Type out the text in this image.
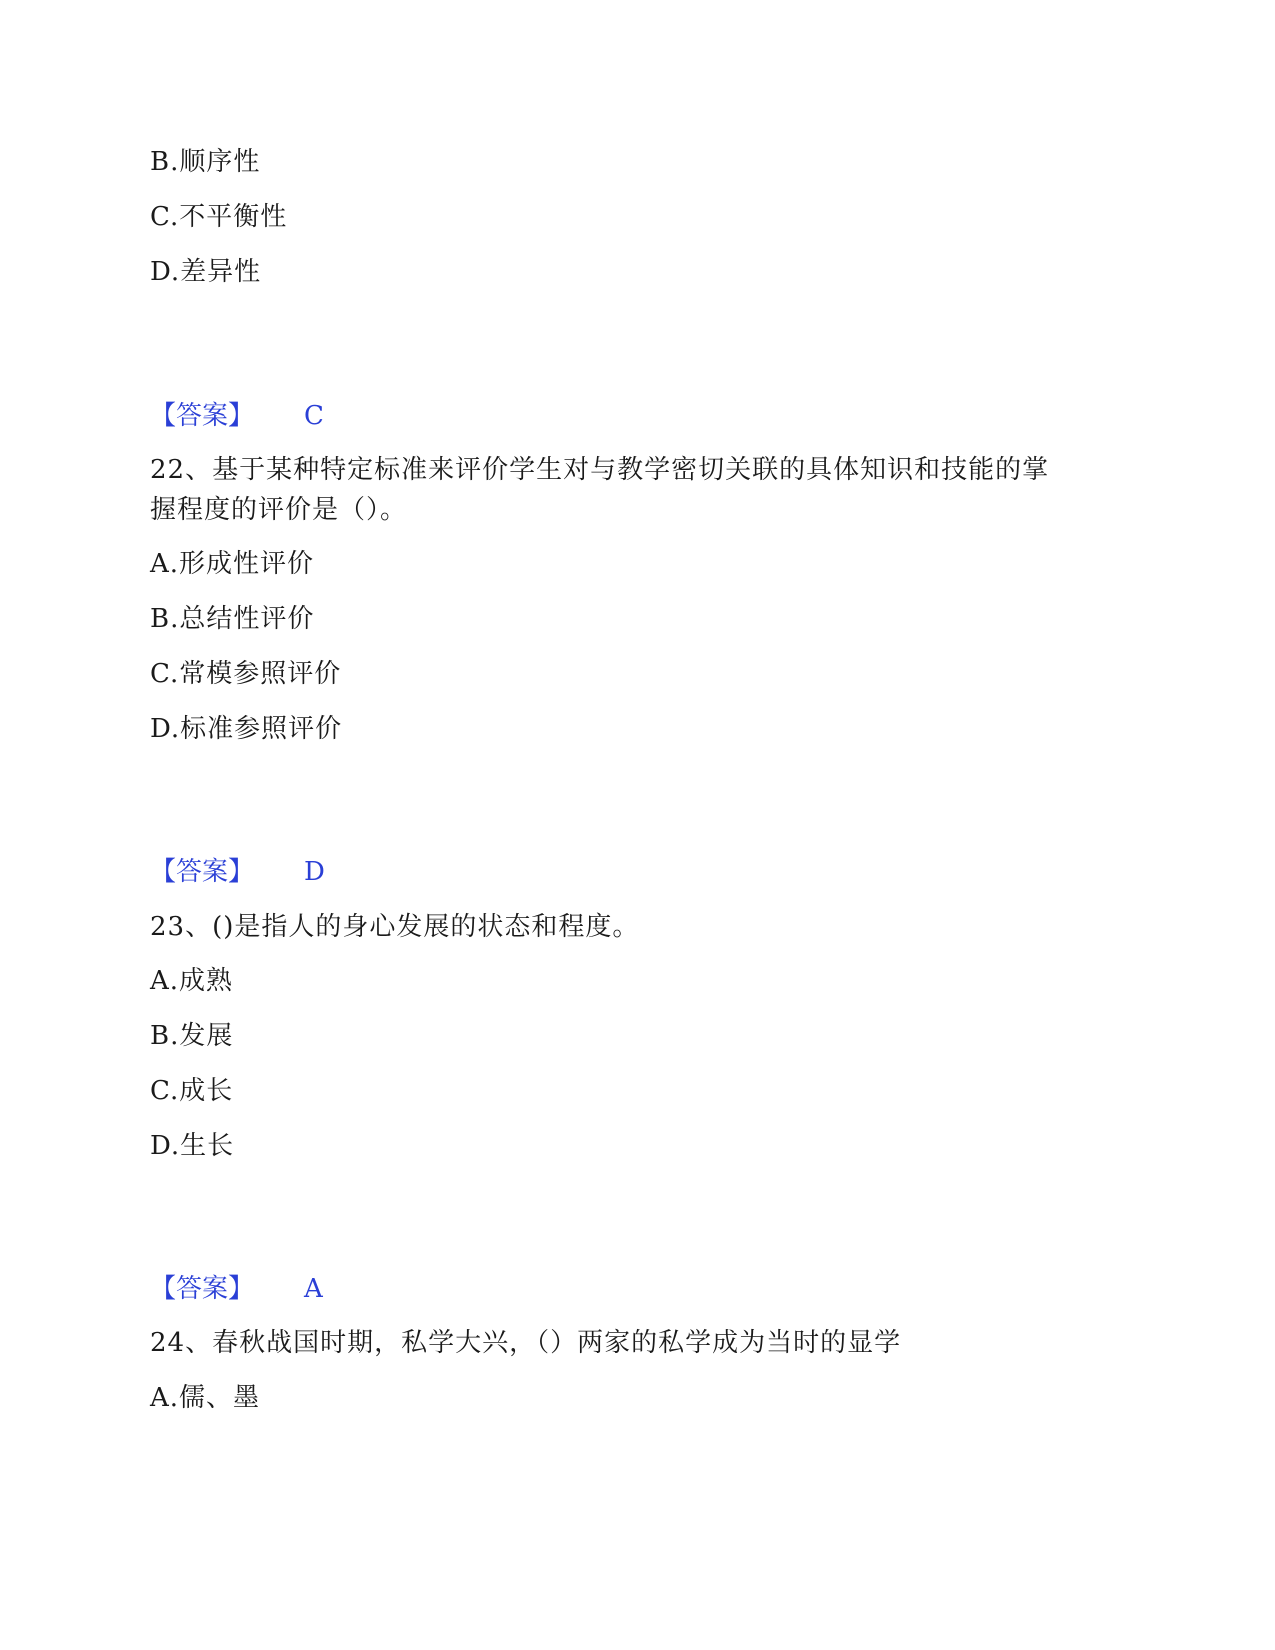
B.顺序性
C.不平衡性
D.差异性
【答案】 C
22、基于某种特定标准来评价学生对与教学密切关联的具体知识和技能的掌
握程度的评价是（）。
A.形成性评价
B.总结性评价
C.常模参照评价
D.标准参照评价
【答案】 D
23、()是指人的身心发展的状态和程度。
A.成熟
B.发展
C.成长
D.生长
【答案】 A
24、春秋战国时期，私学大兴，（）两家的私学成为当时的显学
A.儒、墨
